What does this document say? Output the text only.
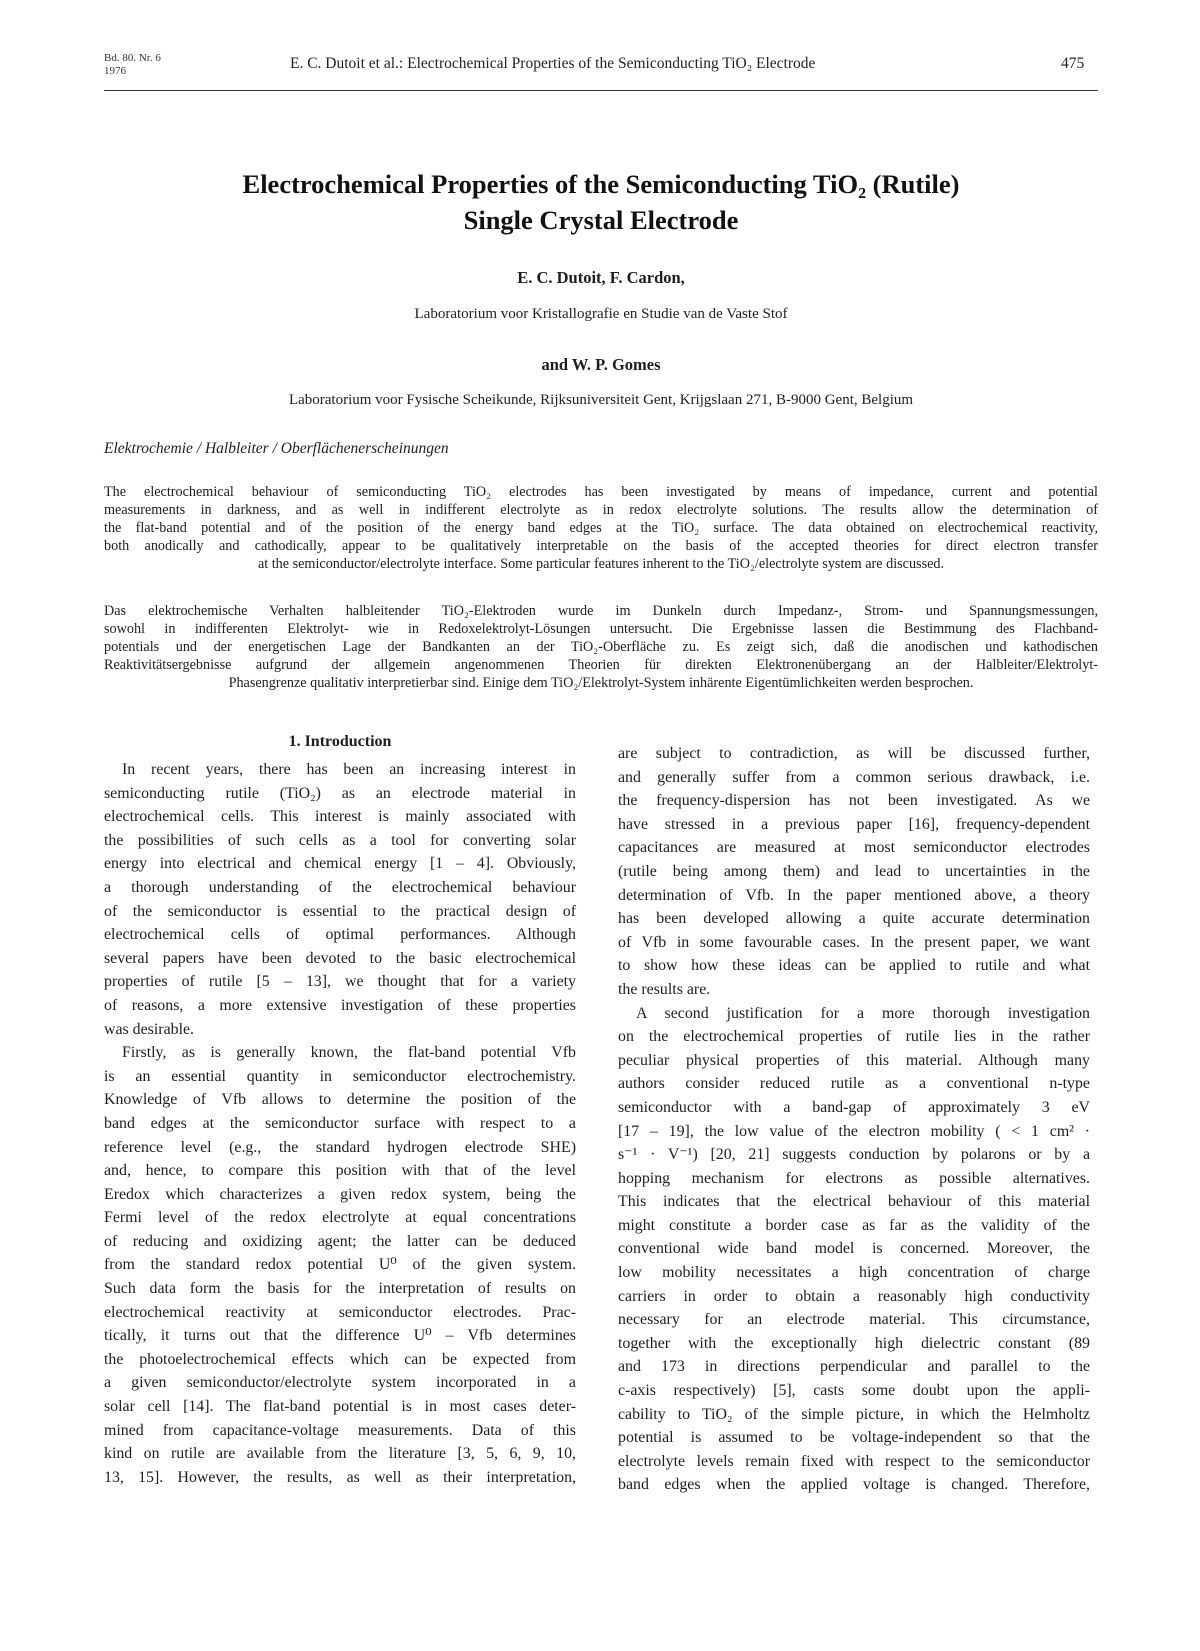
Bd. 80. Nr. 6
1976	E. C. Dutoit et al.: Electrochemical Properties of the Semiconducting TiO₂ Electrode	475
Electrochemical Properties of the Semiconducting TiO₂ (Rutile)
Single Crystal Electrode
E. C. Dutoit, F. Cardon,
Laboratorium voor Kristallografie en Studie van de Vaste Stof
and W. P. Gomes
Laboratorium voor Fysische Scheikunde, Rijksuniversiteit Gent, Krijgslaan 271, B-9000 Gent, Belgium
Elektrochemie / Halbleiter / Oberflächenerscheinungen
The electrochemical behaviour of semiconducting TiO₂ electrodes has been investigated by means of impedance, current and potential
measurements in darkness, and as well in indifferent electrolyte as in redox electrolyte solutions. The results allow the determination of
the flat-band potential and of the position of the energy band edges at the TiO₂ surface. The data obtained on electrochemical reactivity,
both anodically and cathodically, appear to be qualitatively interpretable on the basis of the accepted theories for direct electron transfer
at the semiconductor/electrolyte interface. Some particular features inherent to the TiO₂/electrolyte system are discussed.
Das elektrochemische Verhalten halbleitender TiO₂-Elektroden wurde im Dunkeln durch Impedanz-, Strom- und Spannungsmessungen,
sowohl in indifferenten Elektrolyt- wie in Redoxelektrolyt-Lösungen untersucht. Die Ergebnisse lassen die Bestimmung des Flachband-
potentials und der energetischen Lage der Bandkanten an der TiO₂-Oberfläche zu. Es zeigt sich, daß die anodischen und kathodischen
Reaktivitätsergebnisse aufgrund der allgemein angenommenen Theorien für direkten Elektronenübergang an der Halbleiter/Elektrolyt-
Phasengrenze qualitativ interpretierbar sind. Einige dem TiO₂/Elektrolyt-System inhärente Eigentümlichkeiten werden besprochen.
1. Introduction
In recent years, there has been an increasing interest in
semiconducting rutile (TiO₂) as an electrode material in
electrochemical cells. This interest is mainly associated with
the possibilities of such cells as a tool for converting solar
energy into electrical and chemical energy [1 – 4]. Obviously,
a thorough understanding of the electrochemical behaviour
of the semiconductor is essential to the practical design of
electrochemical cells of optimal performances. Although
several papers have been devoted to the basic electrochemical
properties of rutile [5 – 13], we thought that for a variety
of reasons, a more extensive investigation of these properties
was desirable.
Firstly, as is generally known, the flat-band potential Vfb
is an essential quantity in semiconductor electrochemistry.
Knowledge of Vfb allows to determine the position of the
band edges at the semiconductor surface with respect to a
reference level (e.g., the standard hydrogen electrode SHE)
and, hence, to compare this position with that of the level
Eredox which characterizes a given redox system, being the
Fermi level of the redox electrolyte at equal concentrations
of reducing and oxidizing agent; the latter can be deduced
from the standard redox potential U⁰ of the given system.
Such data form the basis for the interpretation of results on
electrochemical reactivity at semiconductor electrodes. Prac-
tically, it turns out that the difference U⁰ – Vfb determines
the photoelectrochemical effects which can be expected from
a given semiconductor/electrolyte system incorporated in a
solar cell [14]. The flat-band potential is in most cases deter-
mined from capacitance-voltage measurements. Data of this
kind on rutile are available from the literature [3, 5, 6, 9, 10,
13, 15]. However, the results, as well as their interpretation,
are subject to contradiction, as will be discussed further,
and generally suffer from a common serious drawback, i.e.
the frequency-dispersion has not been investigated. As we
have stressed in a previous paper [16], frequency-dependent
capacitances are measured at most semiconductor electrodes
(rutile being among them) and lead to uncertainties in the
determination of Vfb. In the paper mentioned above, a theory
has been developed allowing a quite accurate determination
of Vfb in some favourable cases. In the present paper, we want
to show how these ideas can be applied to rutile and what
the results are.
A second justification for a more thorough investigation
on the electrochemical properties of rutile lies in the rather
peculiar physical properties of this material. Although many
authors consider reduced rutile as a conventional n-type
semiconductor with a band-gap of approximately 3 eV
[17 – 19], the low value of the electron mobility ( < 1 cm² ·
s⁻¹ · V⁻¹) [20, 21] suggests conduction by polarons or by a
hopping mechanism for electrons as possible alternatives.
This indicates that the electrical behaviour of this material
might constitute a border case as far as the validity of the
conventional wide band model is concerned. Moreover, the
low mobility necessitates a high concentration of charge
carriers in order to obtain a reasonably high conductivity
necessary for an electrode material. This circumstance,
together with the exceptionally high dielectric constant (89
and 173 in directions perpendicular and parallel to the
c-axis respectively) [5], casts some doubt upon the appli-
cability to TiO₂ of the simple picture, in which the Helmholtz
potential is assumed to be voltage-independent so that the
electrolyte levels remain fixed with respect to the semiconductor
band edges when the applied voltage is changed. Therefore,
